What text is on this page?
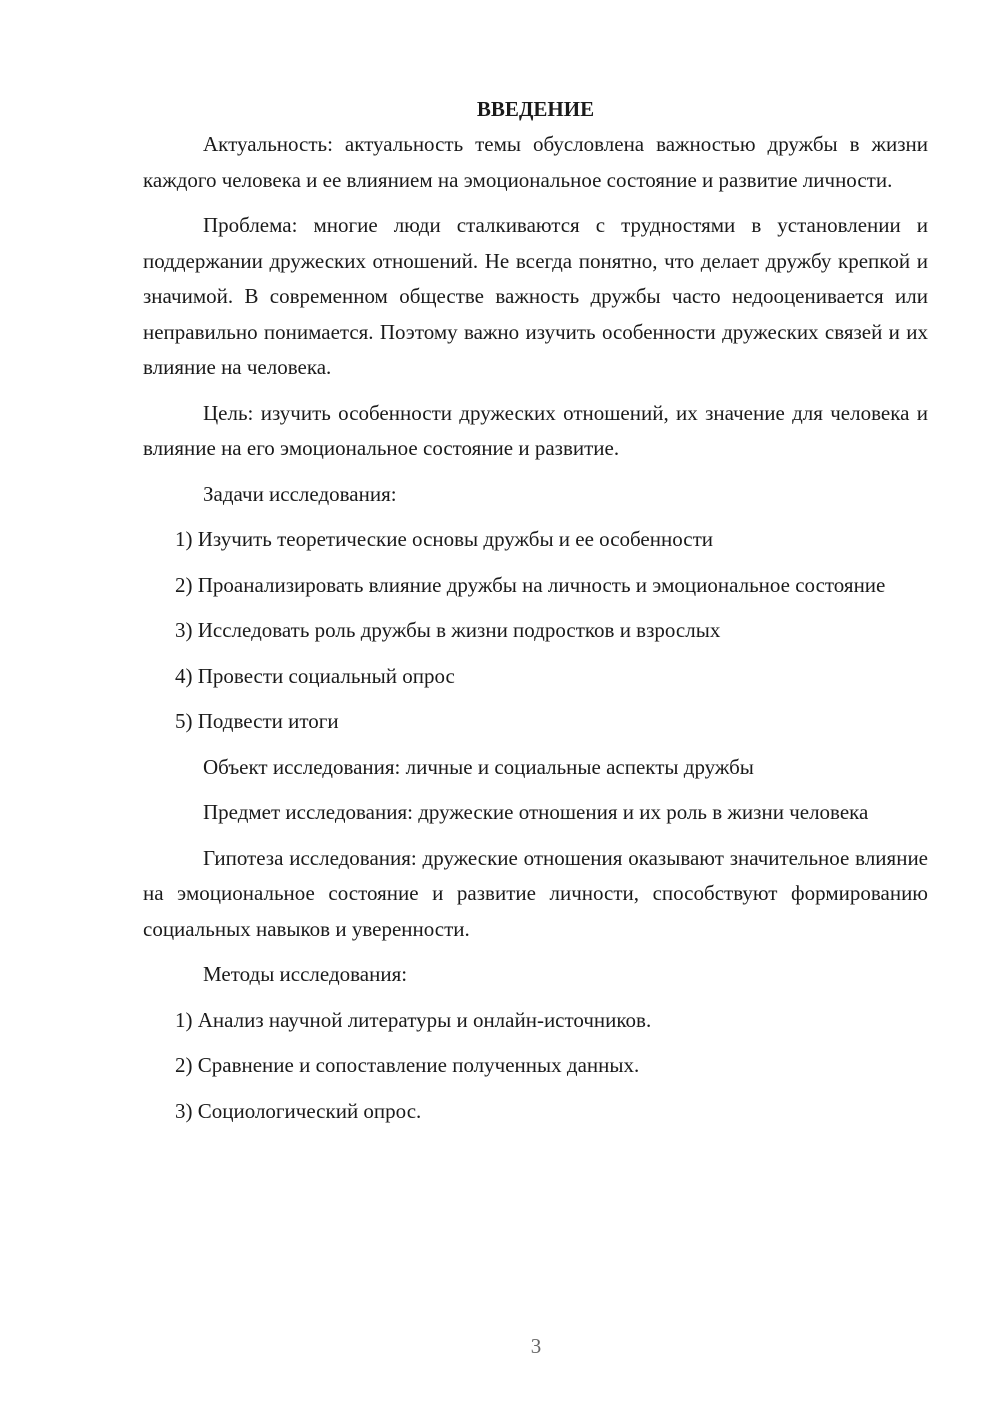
ВВЕДЕНИЕ

Актуальность: актуальность темы обусловлена важностью дружбы в жизни каждого человека и ее влиянием на эмоциональное состояние и развитие личности.

Проблема: многие люди сталкиваются с трудностями в установлении и поддержании дружеских отношений. Не всегда понятно, что делает дружбу крепкой и значимой. В современном обществе важность дружбы часто недооценивается или неправильно понимается. Поэтому важно изучить особенности дружеских связей и их влияние на человека.

Цель: изучить особенности дружеских отношений, их значение для человека и влияние на его эмоциональное состояние и развитие.

Задачи исследования:

1) Изучить теоретические основы дружбы и ее особенности

2) Проанализировать влияние дружбы на личность и эмоциональное состояние

3) Исследовать роль дружбы в жизни подростков и взрослых

4) Провести социальный опрос

5) Подвести итоги

Объект исследования: личные и социальные аспекты дружбы

Предмет исследования: дружеские отношения и их роль в жизни человека

Гипотеза исследования: дружеские отношения оказывают значительное влияние на эмоциональное состояние и развитие личности, способствуют формированию социальных навыков и уверенности.

Методы исследования:

1) Анализ научной литературы и онлайн-источников.

2) Сравнение и сопоставление полученных данных.

3) Социологический опрос.

3
